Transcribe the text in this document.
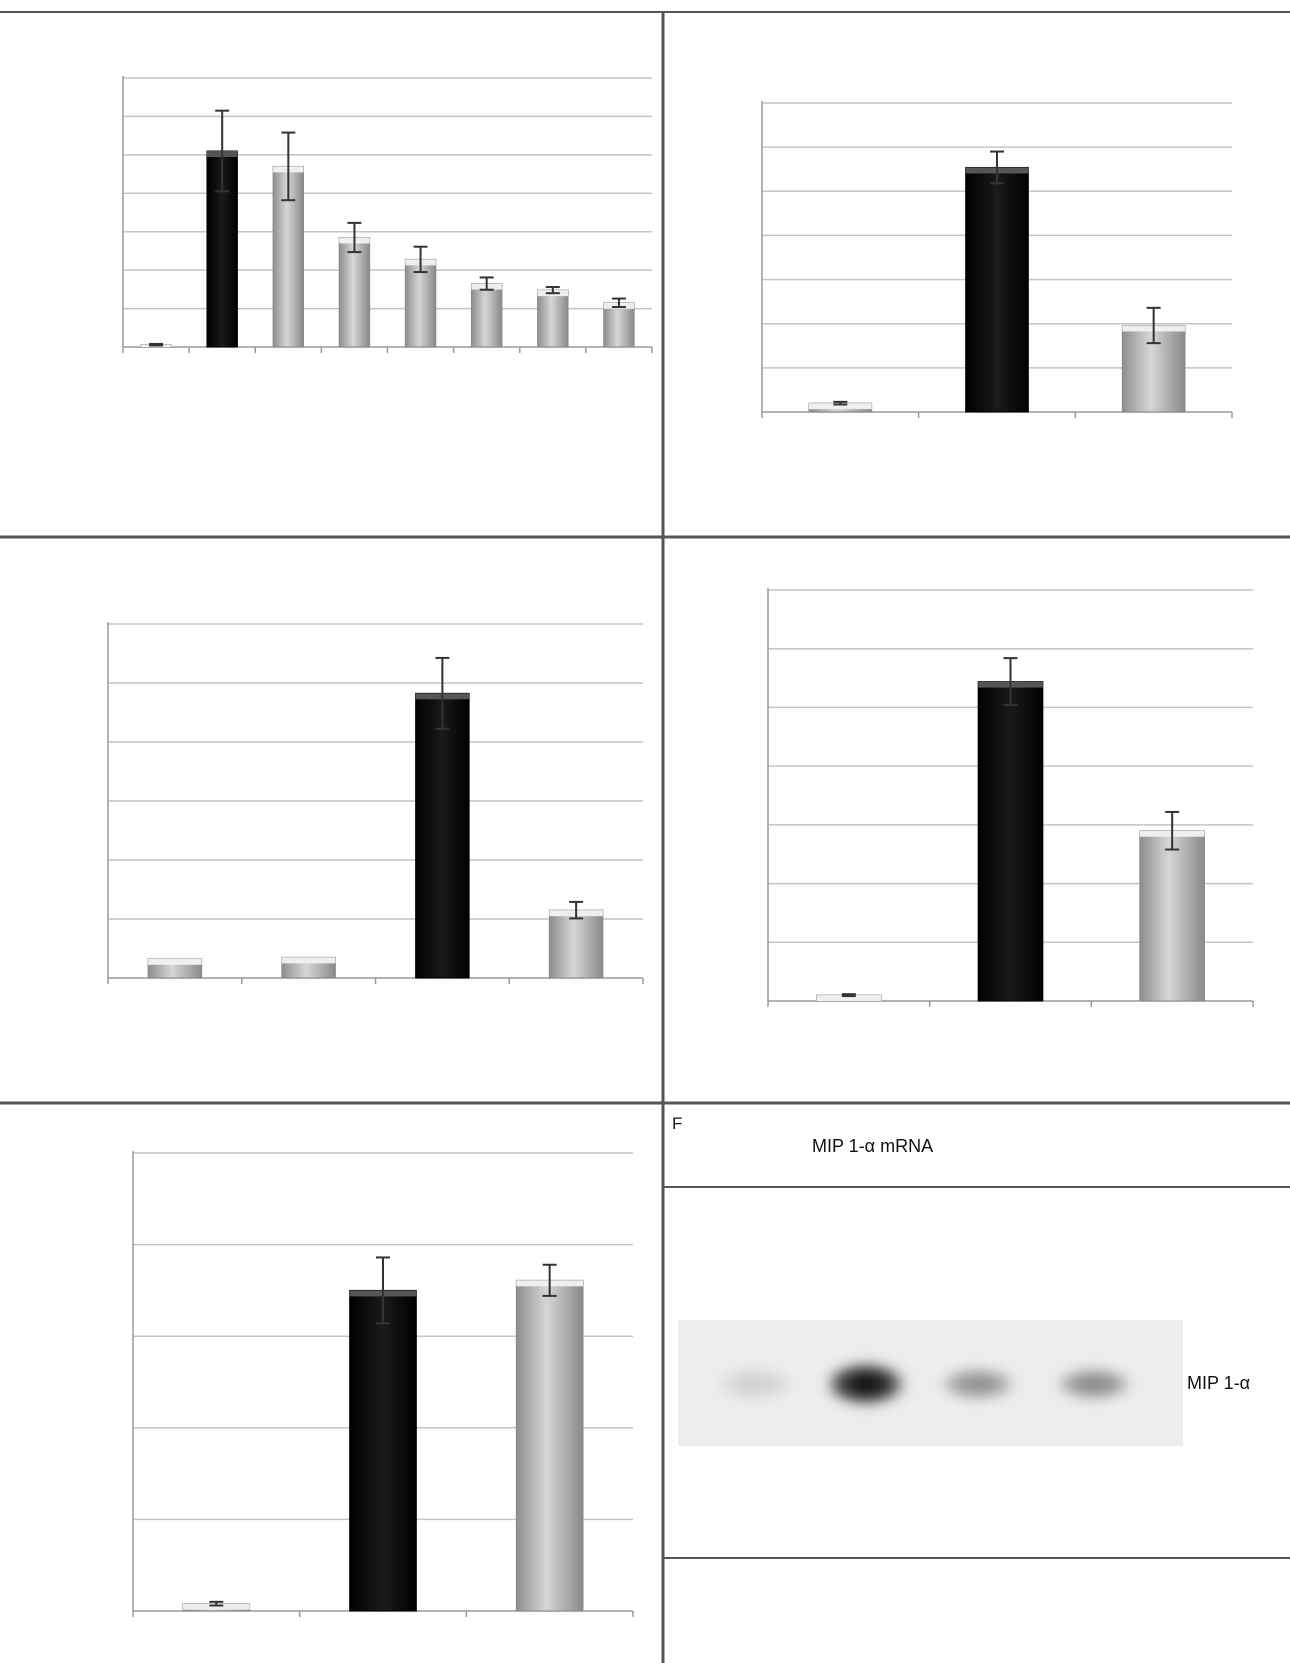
F
MIP 1-α mRNA
MIP 1-α
